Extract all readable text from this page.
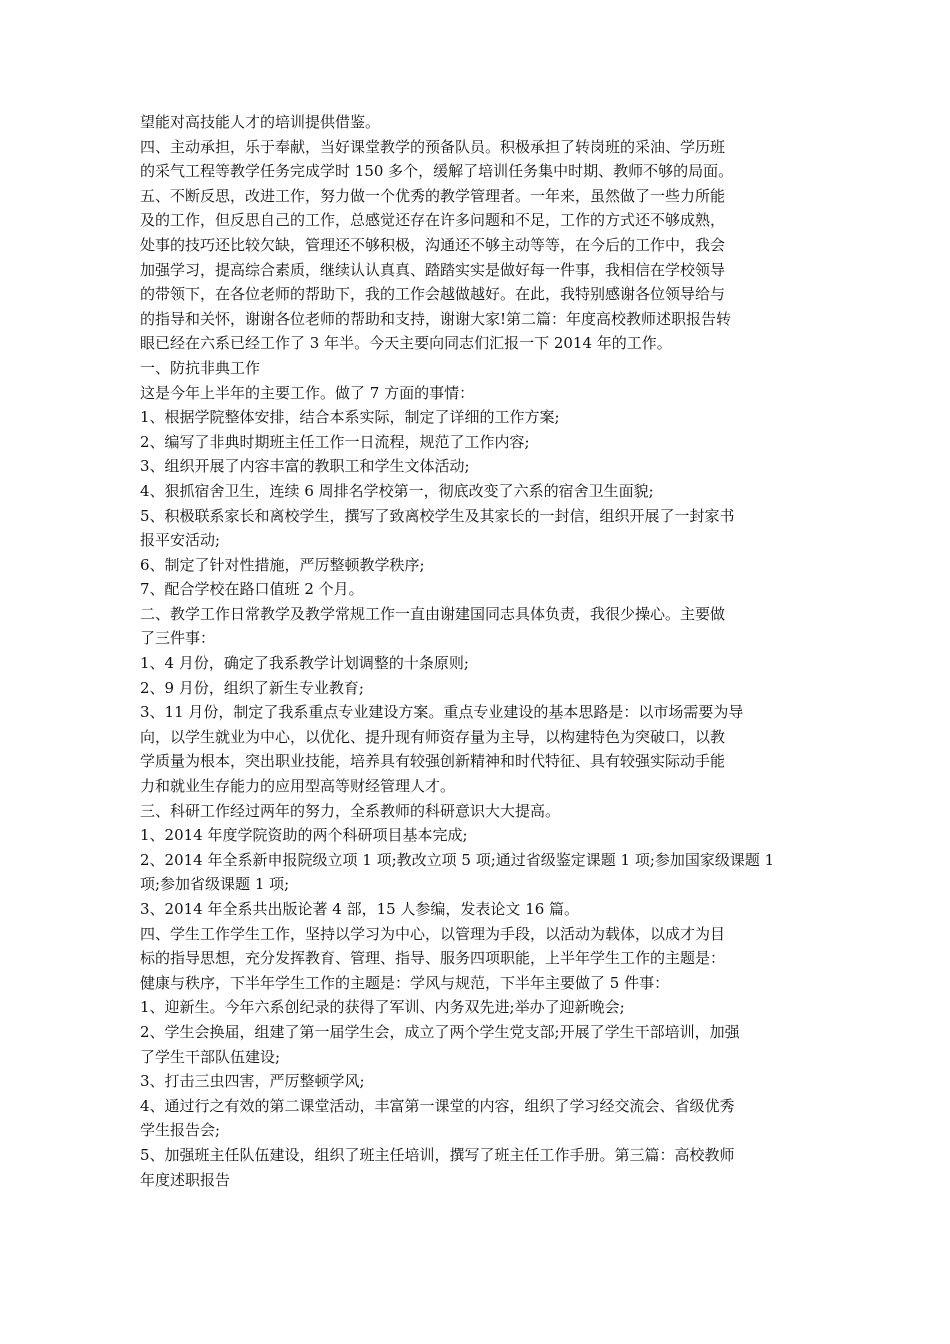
望能对高技能人才的培训提供借鉴。
四、主动承担，乐于奉献，当好课堂教学的预备队员。积极承担了转岗班的采油、学历班
的采气工程等教学任务完成学时 150 多个，缓解了培训任务集中时期、教师不够的局面。
五、不断反思，改进工作，努力做一个优秀的教学管理者。一年来，虽然做了一些力所能
及的工作，但反思自己的工作，总感觉还存在许多问题和不足，工作的方式还不够成熟，
处事的技巧还比较欠缺，管理还不够积极，沟通还不够主动等等，在今后的工作中，我会
加强学习，提高综合素质，继续认认真真、踏踏实实是做好每一件事，我相信在学校领导
的带领下，在各位老师的帮助下，我的工作会越做越好。在此，我特别感谢各位领导给与
的指导和关怀，谢谢各位老师的帮助和支持，谢谢大家!第二篇：年度高校教师述职报告转
眼已经在六系已经工作了 3 年半。今天主要向同志们汇报一下 2014 年的工作。
一、防抗非典工作
这是今年上半年的主要工作。做了 7 方面的事情：
1、根据学院整体安排，结合本系实际，制定了详细的工作方案;
2、编写了非典时期班主任工作一日流程，规范了工作内容;
3、组织开展了内容丰富的教职工和学生文体活动;
4、狠抓宿舍卫生，连续 6 周排名学校第一，彻底改变了六系的宿舍卫生面貌;
5、积极联系家长和离校学生，撰写了致离校学生及其家长的一封信，组织开展了一封家书
报平安活动;
6、制定了针对性措施，严厉整顿教学秩序;
7、配合学校在路口值班 2 个月。
二、教学工作日常教学及教学常规工作一直由谢建国同志具体负责，我很少操心。主要做
了三件事：
1、4 月份，确定了我系教学计划调整的十条原则;
2、9 月份，组织了新生专业教育;
3、11 月份，制定了我系重点专业建设方案。重点专业建设的基本思路是：以市场需要为导
向，以学生就业为中心，以优化、提升现有师资存量为主导，以构建特色为突破口，以教
学质量为根本，突出职业技能，培养具有较强创新精神和时代特征、具有较强实际动手能
力和就业生存能力的应用型高等财经管理人才。
三、科研工作经过两年的努力，全系教师的科研意识大大提高。
1、2014 年度学院资助的两个科研项目基本完成;
2、2014 年全系新申报院级立项 1 项;教改立项 5 项;通过省级鉴定课题 1 项;参加国家级课题 1
项;参加省级课题 1 项;
3、2014 年全系共出版论著 4 部，15 人参编，发表论文 16 篇。
四、学生工作学生工作，坚持以学习为中心，以管理为手段，以活动为载体，以成才为目
标的指导思想，充分发挥教育、管理、指导、服务四项职能，上半年学生工作的主题是：
健康与秩序，下半年学生工作的主题是：学风与规范，下半年主要做了 5 件事：
1、迎新生。今年六系创纪录的获得了军训、内务双先进;举办了迎新晚会;
2、学生会换届，组建了第一届学生会，成立了两个学生党支部;开展了学生干部培训，加强
了学生干部队伍建设;
3、打击三虫四害，严厉整顿学风;
4、通过行之有效的第二课堂活动，丰富第一课堂的内容，组织了学习经交流会、省级优秀
学生报告会;
5、加强班主任队伍建设，组织了班主任培训，撰写了班主任工作手册。第三篇：高校教师
年度述职报告
